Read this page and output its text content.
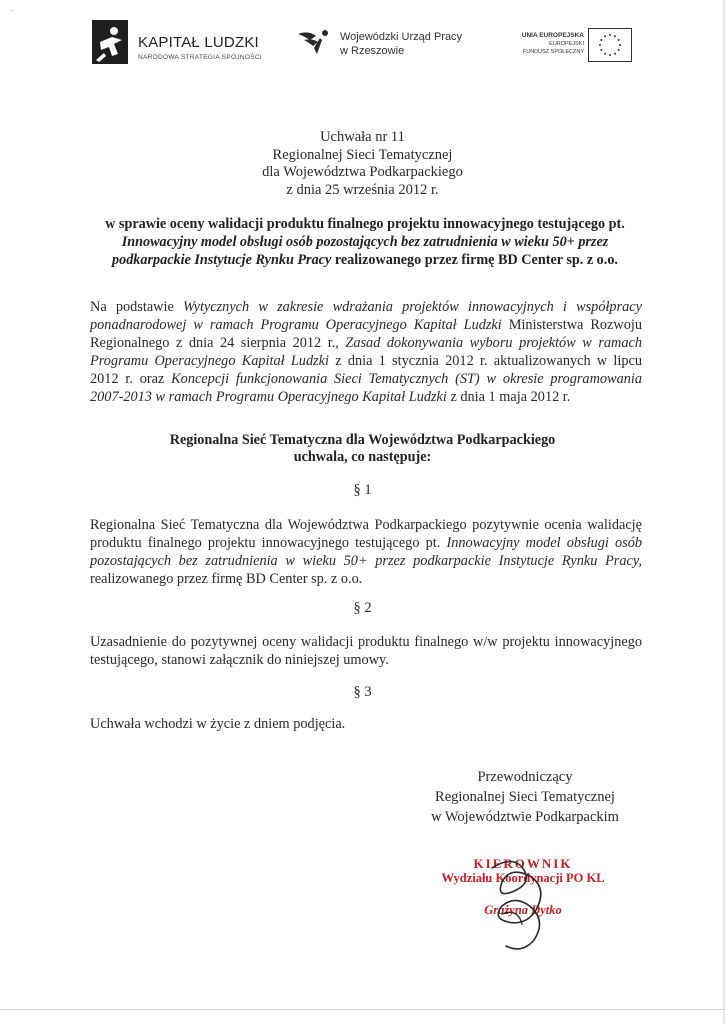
⌐
KAPITAŁ LUDZKI
NARODOWA STRATEGIA SPÓJNOŚCI
Wojewódzki Urząd Pracy
w Rzeszowie
UNIA EUROPEJSKA
EUROPEJSKI
FUNDUSZ SPOŁECZNY
Uchwała nr 11
Regionalnej Sieci Tematycznej
dla Województwa Podkarpackiego
z dnia 25 września 2012 r.
w sprawie oceny walidacji produktu finalnego projektu innowacyjnego testującego pt. Innowacyjny model obsługi osób pozostających bez zatrudnienia w wieku 50+ przez podkarpackie Instytucje Rynku Pracy realizowanego przez firmę BD Center sp. z o.o.
Na podstawie Wytycznych w zakresie wdrażania projektów innowacyjnych i współpracy ponadnarodowej w ramach Programu Operacyjnego Kapitał Ludzki Ministerstwa Rozwoju Regionalnego z dnia 24 sierpnia 2012 r., Zasad dokonywania wyboru projektów w ramach Programu Operacyjnego Kapitał Ludzki z dnia 1 stycznia 2012 r. aktualizowanych w lipcu 2012 r. oraz Koncepcji funkcjonowania Sieci Tematycznych (ST) w okresie programowania 2007-2013 w ramach Programu Operacyjnego Kapitał Ludzki z dnia 1 maja 2012 r.
Regionalna Sieć Tematyczna dla Województwa Podkarpackiego
uchwala, co następuje:
§ 1
Regionalna Sieć Tematyczna dla Województwa Podkarpackiego pozytywnie ocenia walidację produktu finalnego projektu innowacyjnego testującego pt. Innowacyjny model obsługi osób pozostających bez zatrudnienia w wieku 50+ przez podkarpackie Instytucje Rynku Pracy, realizowanego przez firmę BD Center sp. z o.o.
§ 2
Uzasadnienie do pozytywnej oceny walidacji produktu finalnego w/w projektu innowacyjnego testującego, stanowi załącznik do niniejszej umowy.
§ 3
Uchwała wchodzi w życie z dniem podjęcia.
Przewodniczący
Regionalnej Sieci Tematycznej
w Województwie Podkarpackim
KIEROWNIK
Wydziału Koordynacji PO KL
Grażyna Dytko
